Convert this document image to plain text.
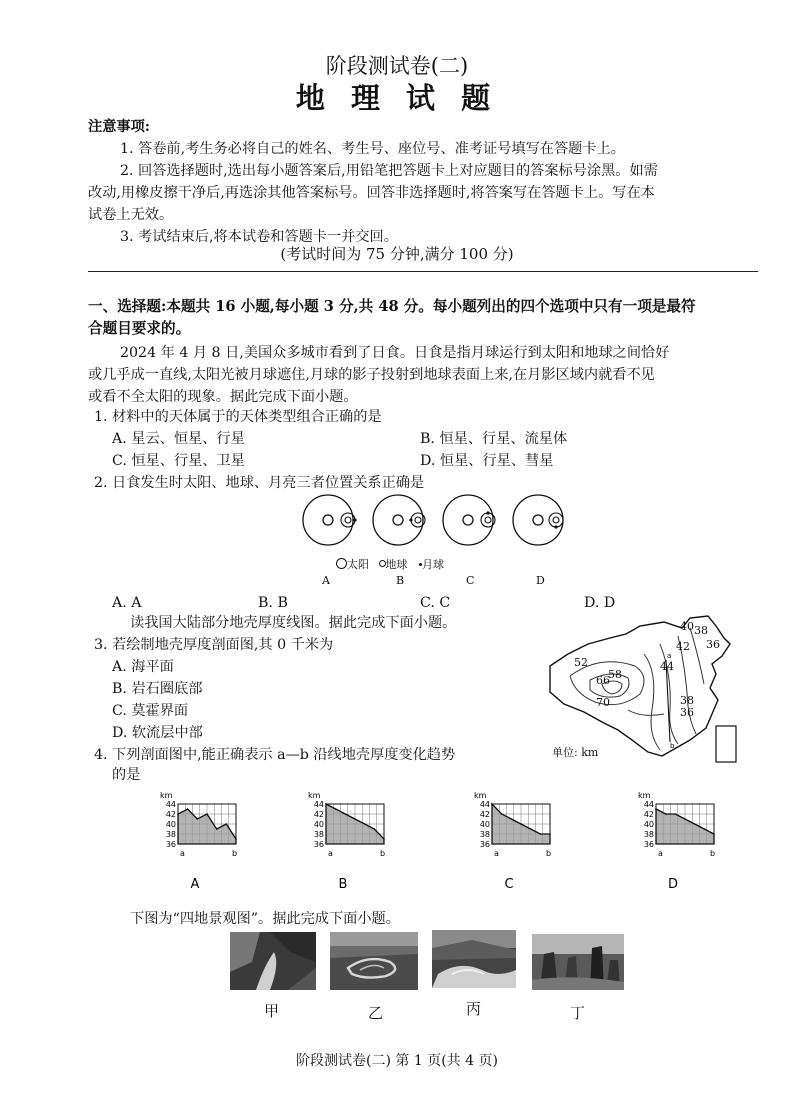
阶段测试卷(二)
地 理 试 题
注意事项:
1. 答卷前,考生务必将自己的姓名、考生号、座位号、准考证号填写在答题卡上。
2. 回答选择题时,选出每小题答案后,用铅笔把答题卡上对应题目的答案标号涂黑。如需
改动,用橡皮擦干净后,再选涂其他答案标号。回答非选择题时,将答案写在答题卡上。写在本
试卷上无效。
3. 考试结束后,将本试卷和答题卡一并交回。
(考试时间为 75 分钟,满分 100 分)
一、选择题:本题共 16 小题,每小题 3 分,共 48 分。每小题列出的四个选项中只有一项是最符
合题目要求的。
2024 年 4 月 8 日,美国众多城市看到了日食。日食是指月球运行到太阳和地球之间恰好
或几乎成一直线,太阳光被月球遮住,月球的影子投射到地球表面上来,在月影区域内就看不见
或看不全太阳的现象。据此完成下面小题。
1. 材料中的天体属于的天体类型组合正确的是
A. 星云、恒星、行星	B. 恒星、行星、流星体
C. 恒星、行星、卫星	D. 恒星、行星、彗星
2. 日食发生时太阳、地球、月亮三者位置关系正确是
太阳 地球 月球
A	B	C	D
A. A	B. B	C. C	D. D
读我国大陆部分地壳厚度线图。据此完成下面小题。
a
b
40 38
36
42
52
66
58
44
70	38
36
单位: km
3. 若绘制地壳厚度剖面图,其 0 千米为
A. 海平面
B. 岩石圈底部
C. 莫霍界面
D. 软流层中部
4. 下列剖面图中,能正确表示 a—b 沿线地壳厚度变化趋势
的是
km
44
42
40
38
36
a	b
A
km
44
42
40
38
36
a	b
B
km
44
42
40
38
36
a	b
C
km
44
42
40
38
36
a	b
D
下图为“四地景观图”。据此完成下面小题。
甲	乙	丙	丁
阶段测试卷(二) 第 1 页(共 4 页)
